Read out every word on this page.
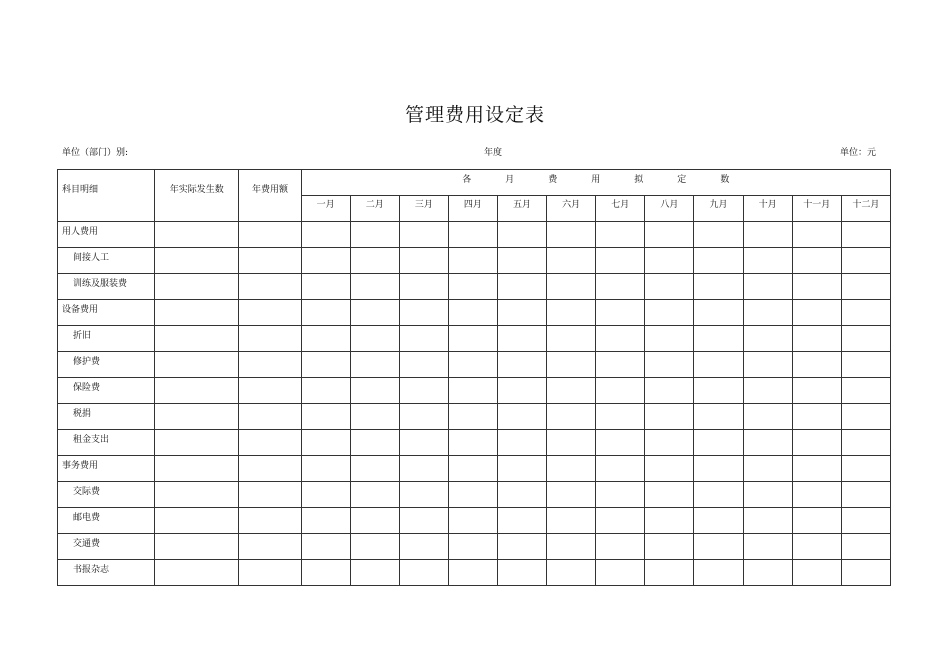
管理费用设定表
单位（部门）别:	年度	单位：元
科目明细	年实际发生数	年费用额	各 月 费 用 拟 定 数											
			一月	二月	三月	四月	五月	六月	七月	八月	九月	十月	十一月	十二月
用人费用														
间接人工														
训练及服装费														
设备费用														
折旧														
修护费														
保险费														
税捐														
租金支出														
事务费用														
交际费														
邮电费														
交通费														
书报杂志														
